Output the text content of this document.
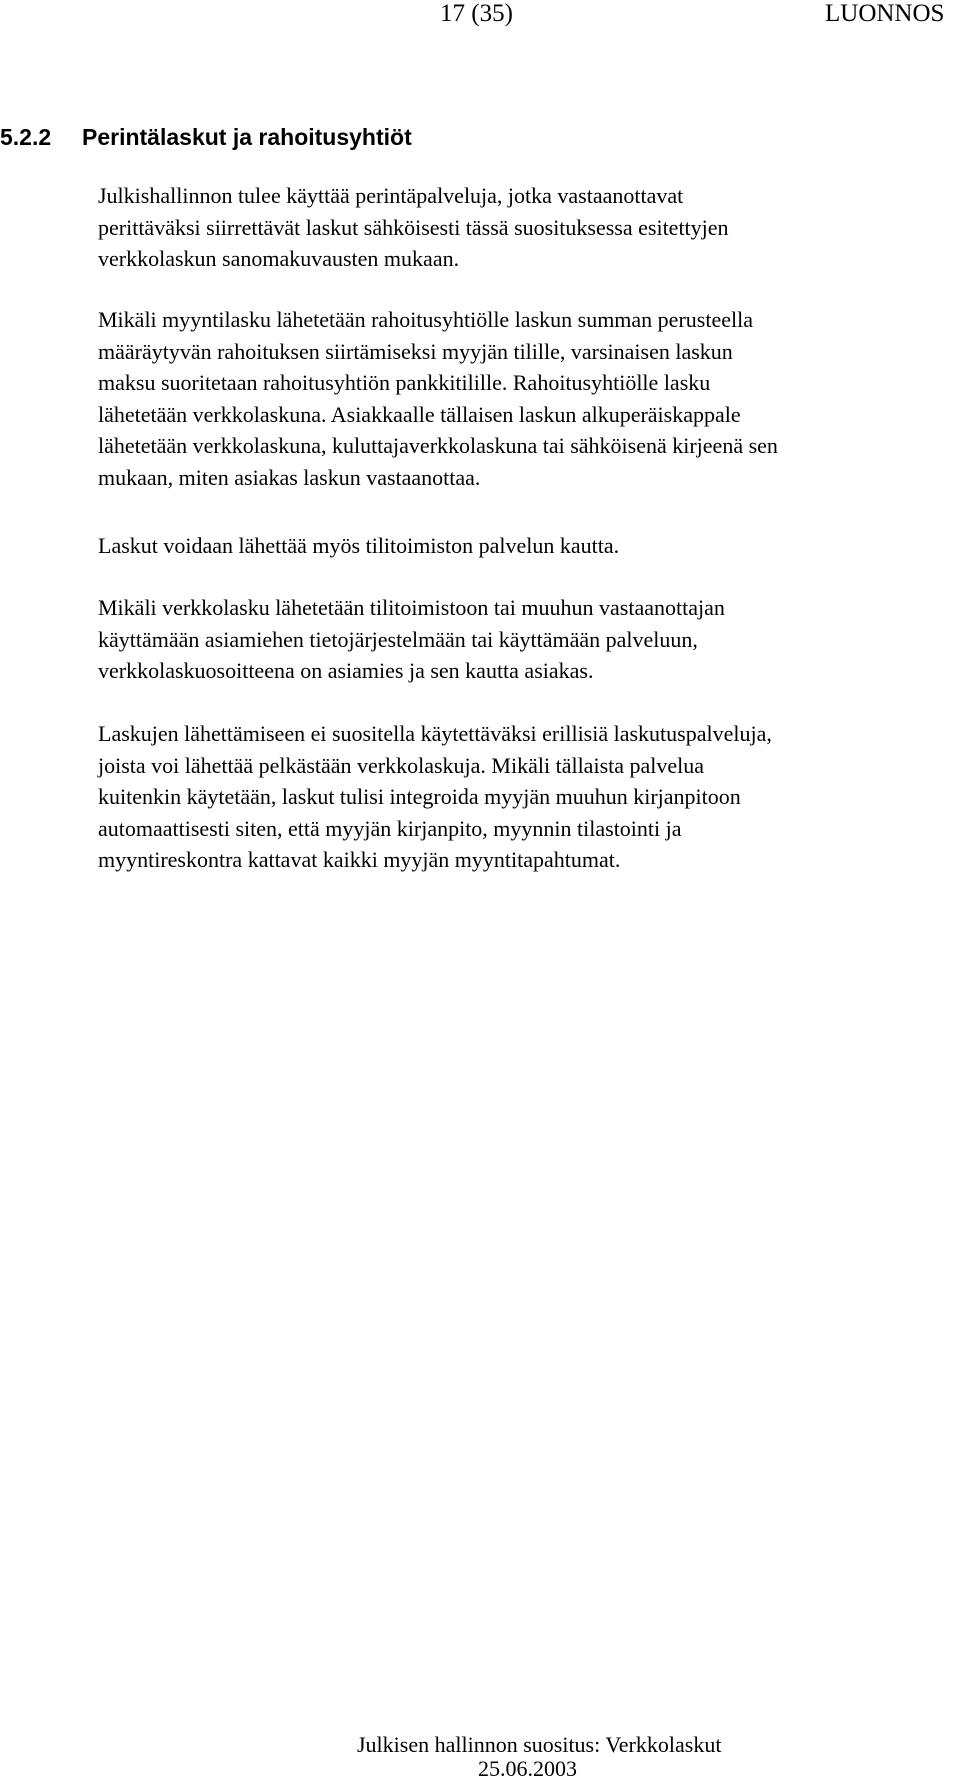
17 (35)	LUONNOS
5.2.2 Perintälaskut ja rahoitusyhtiöt
Julkishallinnon tulee käyttää perintäpalveluja, jotka vastaanottavat
perittäväksi siirrettävät laskut sähköisesti tässä suosituksessa esitettyjen
verkkolaskun sanomakuvausten mukaan.
Mikäli myyntilasku lähetetään rahoitusyhtiölle laskun summan perusteella
määräytyvän rahoituksen siirtämiseksi myyjän tilille, varsinaisen laskun
maksu suoritetaan rahoitusyhtiön pankkitilille. Rahoitusyhtiölle lasku
lähetetään verkkolaskuna. Asiakkaalle tällaisen laskun alkuperäiskappale
lähetetään verkkolaskuna, kuluttajaverkkolaskuna tai sähköisenä kirjeenä sen
mukaan, miten asiakas laskun vastaanottaa.
Laskut voidaan lähettää myös tilitoimiston palvelun kautta.
Mikäli verkkolasku lähetetään tilitoimistoon tai muuhun vastaanottajan
käyttämään asiamiehen tietojärjestelmään tai käyttämään palveluun,
verkkolaskuosoitteena on asiamies ja sen kautta asiakas.
Laskujen lähettämiseen ei suositella käytettäväksi erillisiä laskutuspalveluja,
joista voi lähettää pelkästään verkkolaskuja. Mikäli tällaista palvelua
kuitenkin käytetään, laskut tulisi integroida myyjän muuhun kirjanpitoon
automaattisesti siten, että myyjän kirjanpito, myynnin tilastointi ja
myyntireskontra kattavat kaikki myyjän myyntitapahtumat.
Julkisen hallinnon suositus: Verkkolaskut
25.06.2003
